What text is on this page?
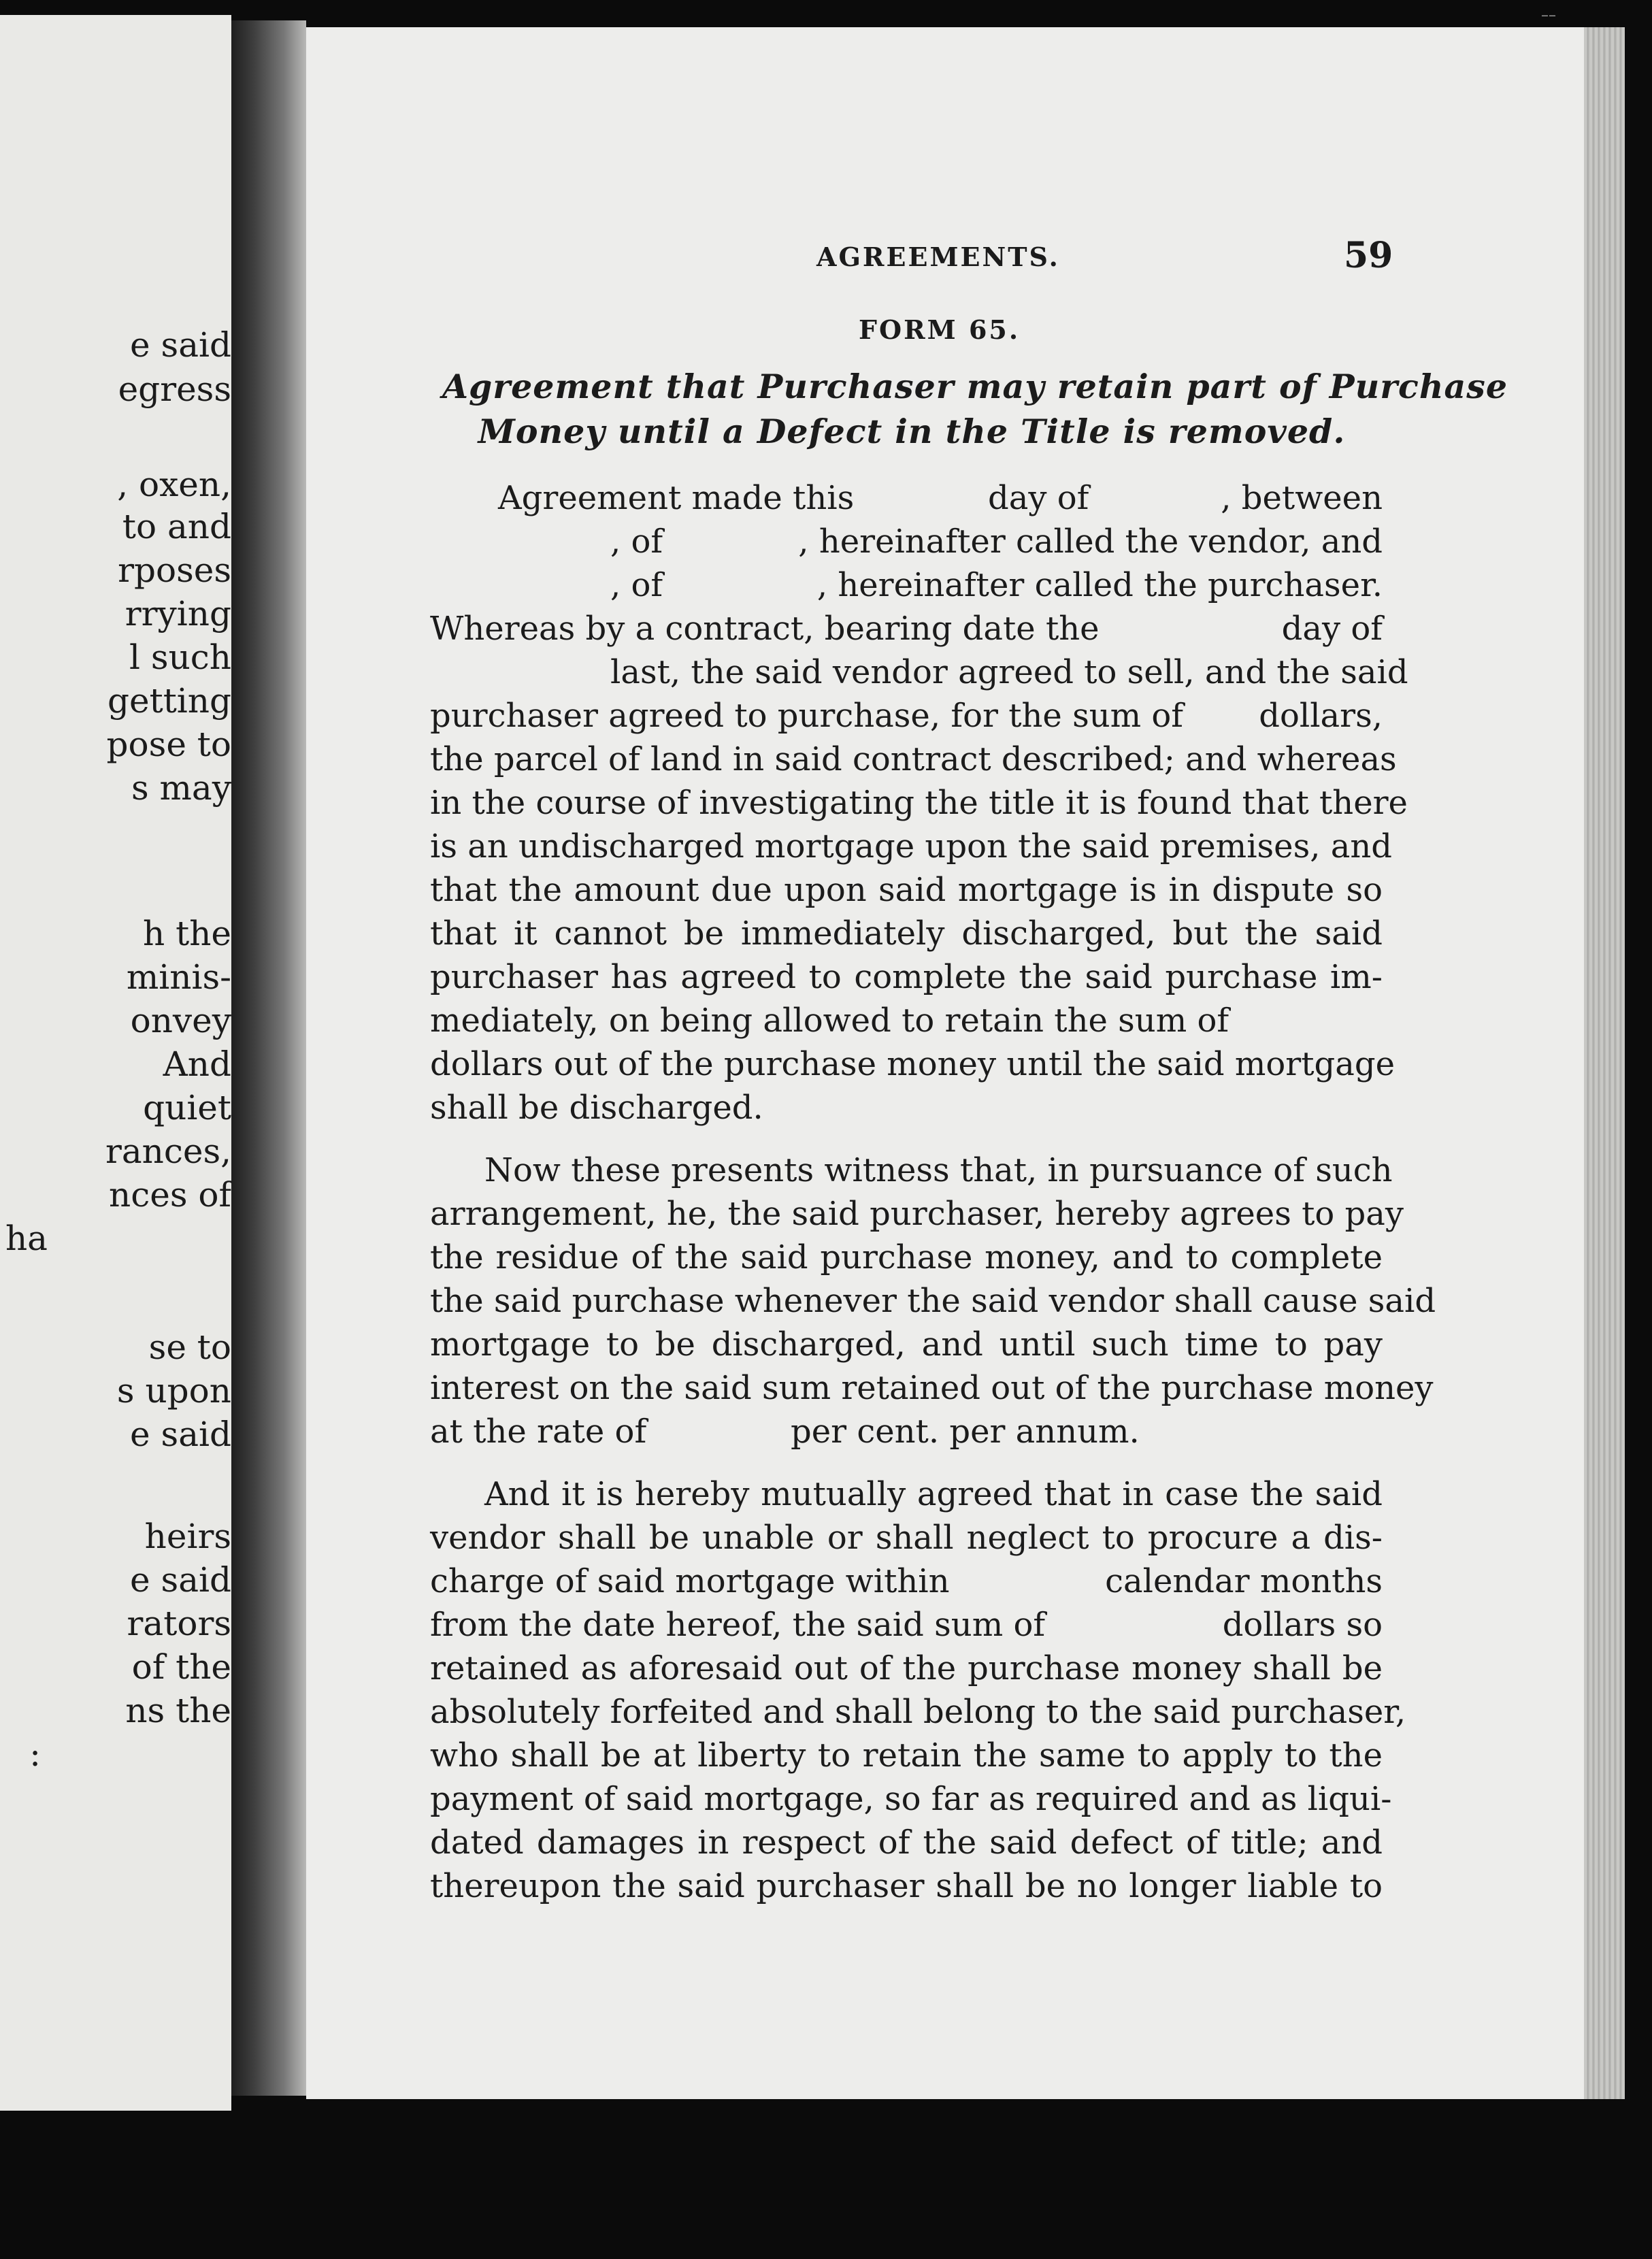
e said
egress
, oxen,
to and
rposes
rrying
l such
getting
pose to
s may
h the
minis-
onvey
And
quiet
rances,
nces of
ha
se to
s upon
e said
heirs
e said
rators
of the
ns the
:
––
AGREEMENTS.	59
FORM 65.
Agreement that Purchaser may retain part of Purchase
Money until a Defect in the Title is removed.
Agreement made this	day of	, between
, of	, hereinafter called the vendor, and
, of	, hereinafter called the purchaser.
Whereas by a contract, bearing date the	day of
last, the said vendor agreed to sell, and the said
purchaser agreed to purchase, for the sum of dollars,
the parcel of land in said contract described; and whereas
in the course of investigating the title it is found that there
is an undischarged mortgage upon the said premises, and
that the amount due upon said mortgage is in dispute so
that it cannot be immediately discharged, but the said
purchaser has agreed to complete the said purchase im-
mediately, on being allowed to retain the sum of
dollars out of the purchase money until the said mortgage
shall be discharged.
Now these presents witness that, in pursuance of such
arrangement, he, the said purchaser, hereby agrees to pay
the residue of the said purchase money, and to complete
the said purchase whenever the said vendor shall cause said
mortgage to be discharged, and until such time to pay
interest on the said sum retained out of the purchase money
at the rate of	per cent. per annum.
And it is hereby mutually agreed that in case the said
vendor shall be unable or shall neglect to procure a dis-
charge of said mortgage within	calendar months
from the date hereof, the said sum of	dollars so
retained as aforesaid out of the purchase money shall be
absolutely forfeited and shall belong to the said purchaser,
who shall be at liberty to retain the same to apply to the
payment of said mortgage, so far as required and as liqui-
dated damages in respect of the said defect of title; and
thereupon the said purchaser shall be no longer liable to
